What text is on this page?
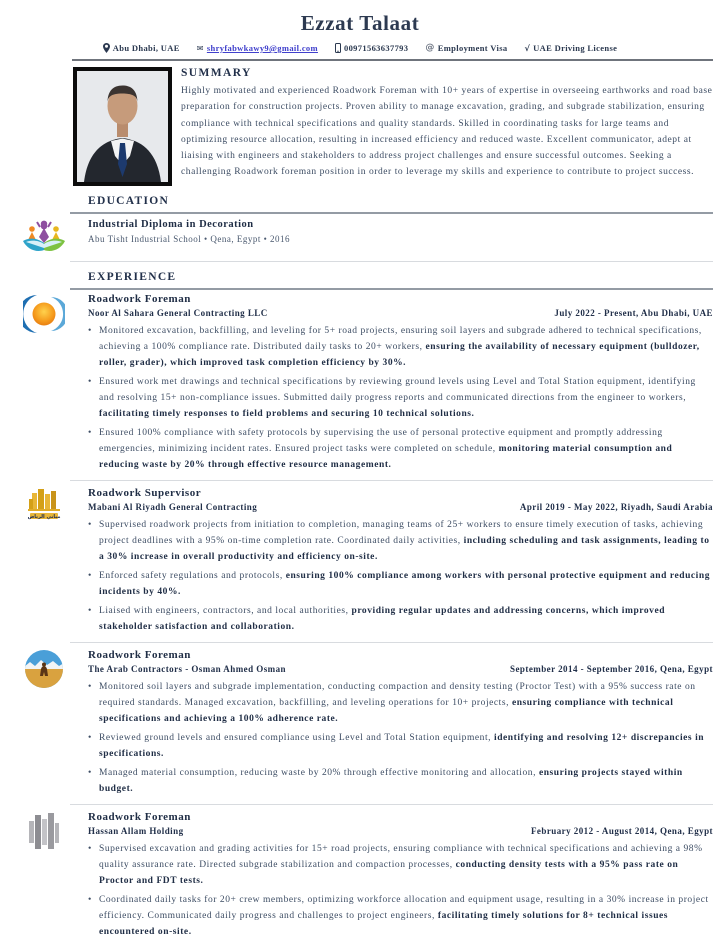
Ezzat Talaat
Abu Dhabi, UAE ✉ shryfabwkawy9@gmail.com	00971563637793 @ Employment Visa √ UAE Driving License
SUMMARY
Highly motivated and experienced Roadwork Foreman with 10+ years of expertise in overseeing earthworks and road base preparation for construction projects. Proven ability to manage excavation, grading, and subgrade stabilization, ensuring compliance with technical specifications and quality standards. Skilled in coordinating tasks for large teams and optimizing resource allocation, resulting in increased efficiency and reduced waste. Excellent communicator, adept at liaising with engineers and stakeholders to address project challenges and ensure successful outcomes. Seeking a challenging Roadwork foreman position in order to leverage my skills and experience to contribute to project success.
EDUCATION
Industrial Diploma in Decoration
Abu Tisht Industrial School • Qena, Egypt • 2016
EXPERIENCE
Roadwork Foreman
Noor Al Sahara General Contracting LLC	July 2022 - Present, Abu Dhabi, UAE
• Monitored excavation, backfilling, and leveling for 5+ road projects, ensuring soil layers and subgrade adhered to technical specifications, achieving a 100% compliance rate. Distributed daily tasks to 20+ workers, ensuring the availability of necessary equipment (bulldozer, roller, grader), which improved task completion efficiency by 30%.
• Ensured work met drawings and technical specifications by reviewing ground levels using Level and Total Station equipment, identifying and resolving 15+ non-compliance issues. Submitted daily progress reports and communicated directions from the engineer to workers, facilitating timely responses to field problems and securing 10 technical solutions.
• Ensured 100% compliance with safety protocols by supervising the use of personal protective equipment and promptly addressing emergencies, minimizing incident rates. Ensured project tasks were completed on schedule, monitoring material consumption and reducing waste by 20% through effective resource management.
مباني الرياض
Roadwork Supervisor
Mabani Al Riyadh General Contracting	April 2019 - May 2022, Riyadh, Saudi Arabia
• Supervised roadwork projects from initiation to completion, managing teams of 25+ workers to ensure timely execution of tasks, achieving project deadlines with a 95% on-time completion rate. Coordinated daily activities, including scheduling and task assignments, leading to a 30% increase in overall productivity and efficiency on-site.
• Enforced safety regulations and protocols, ensuring 100% compliance among workers with personal protective equipment and reducing incidents by 40%.
• Liaised with engineers, contractors, and local authorities, providing regular updates and addressing concerns, which improved stakeholder satisfaction and collaboration.
Roadwork Foreman
The Arab Contractors - Osman Ahmed Osman	September 2014 - September 2016, Qena, Egypt
• Monitored soil layers and subgrade implementation, conducting compaction and density testing (Proctor Test) with a 95% success rate on required standards. Managed excavation, backfilling, and leveling operations for 10+ projects, ensuring compliance with technical specifications and achieving a 100% adherence rate.
• Reviewed ground levels and ensured compliance using Level and Total Station equipment, identifying and resolving 12+ discrepancies in specifications.
• Managed material consumption, reducing waste by 20% through effective monitoring and allocation, ensuring projects stayed within budget.
Roadwork Foreman
Hassan Allam Holding	February 2012 - August 2014, Qena, Egypt
• Supervised excavation and grading activities for 15+ road projects, ensuring compliance with technical specifications and achieving a 98% quality assurance rate. Directed subgrade stabilization and compaction processes, conducting density tests with a 95% pass rate on Proctor and FDT tests.
• Coordinated daily tasks for 20+ crew members, optimizing workforce allocation and equipment usage, resulting in a 30% increase in project efficiency. Communicated daily progress and challenges to project engineers, facilitating timely solutions for 8+ technical issues encountered on-site.
